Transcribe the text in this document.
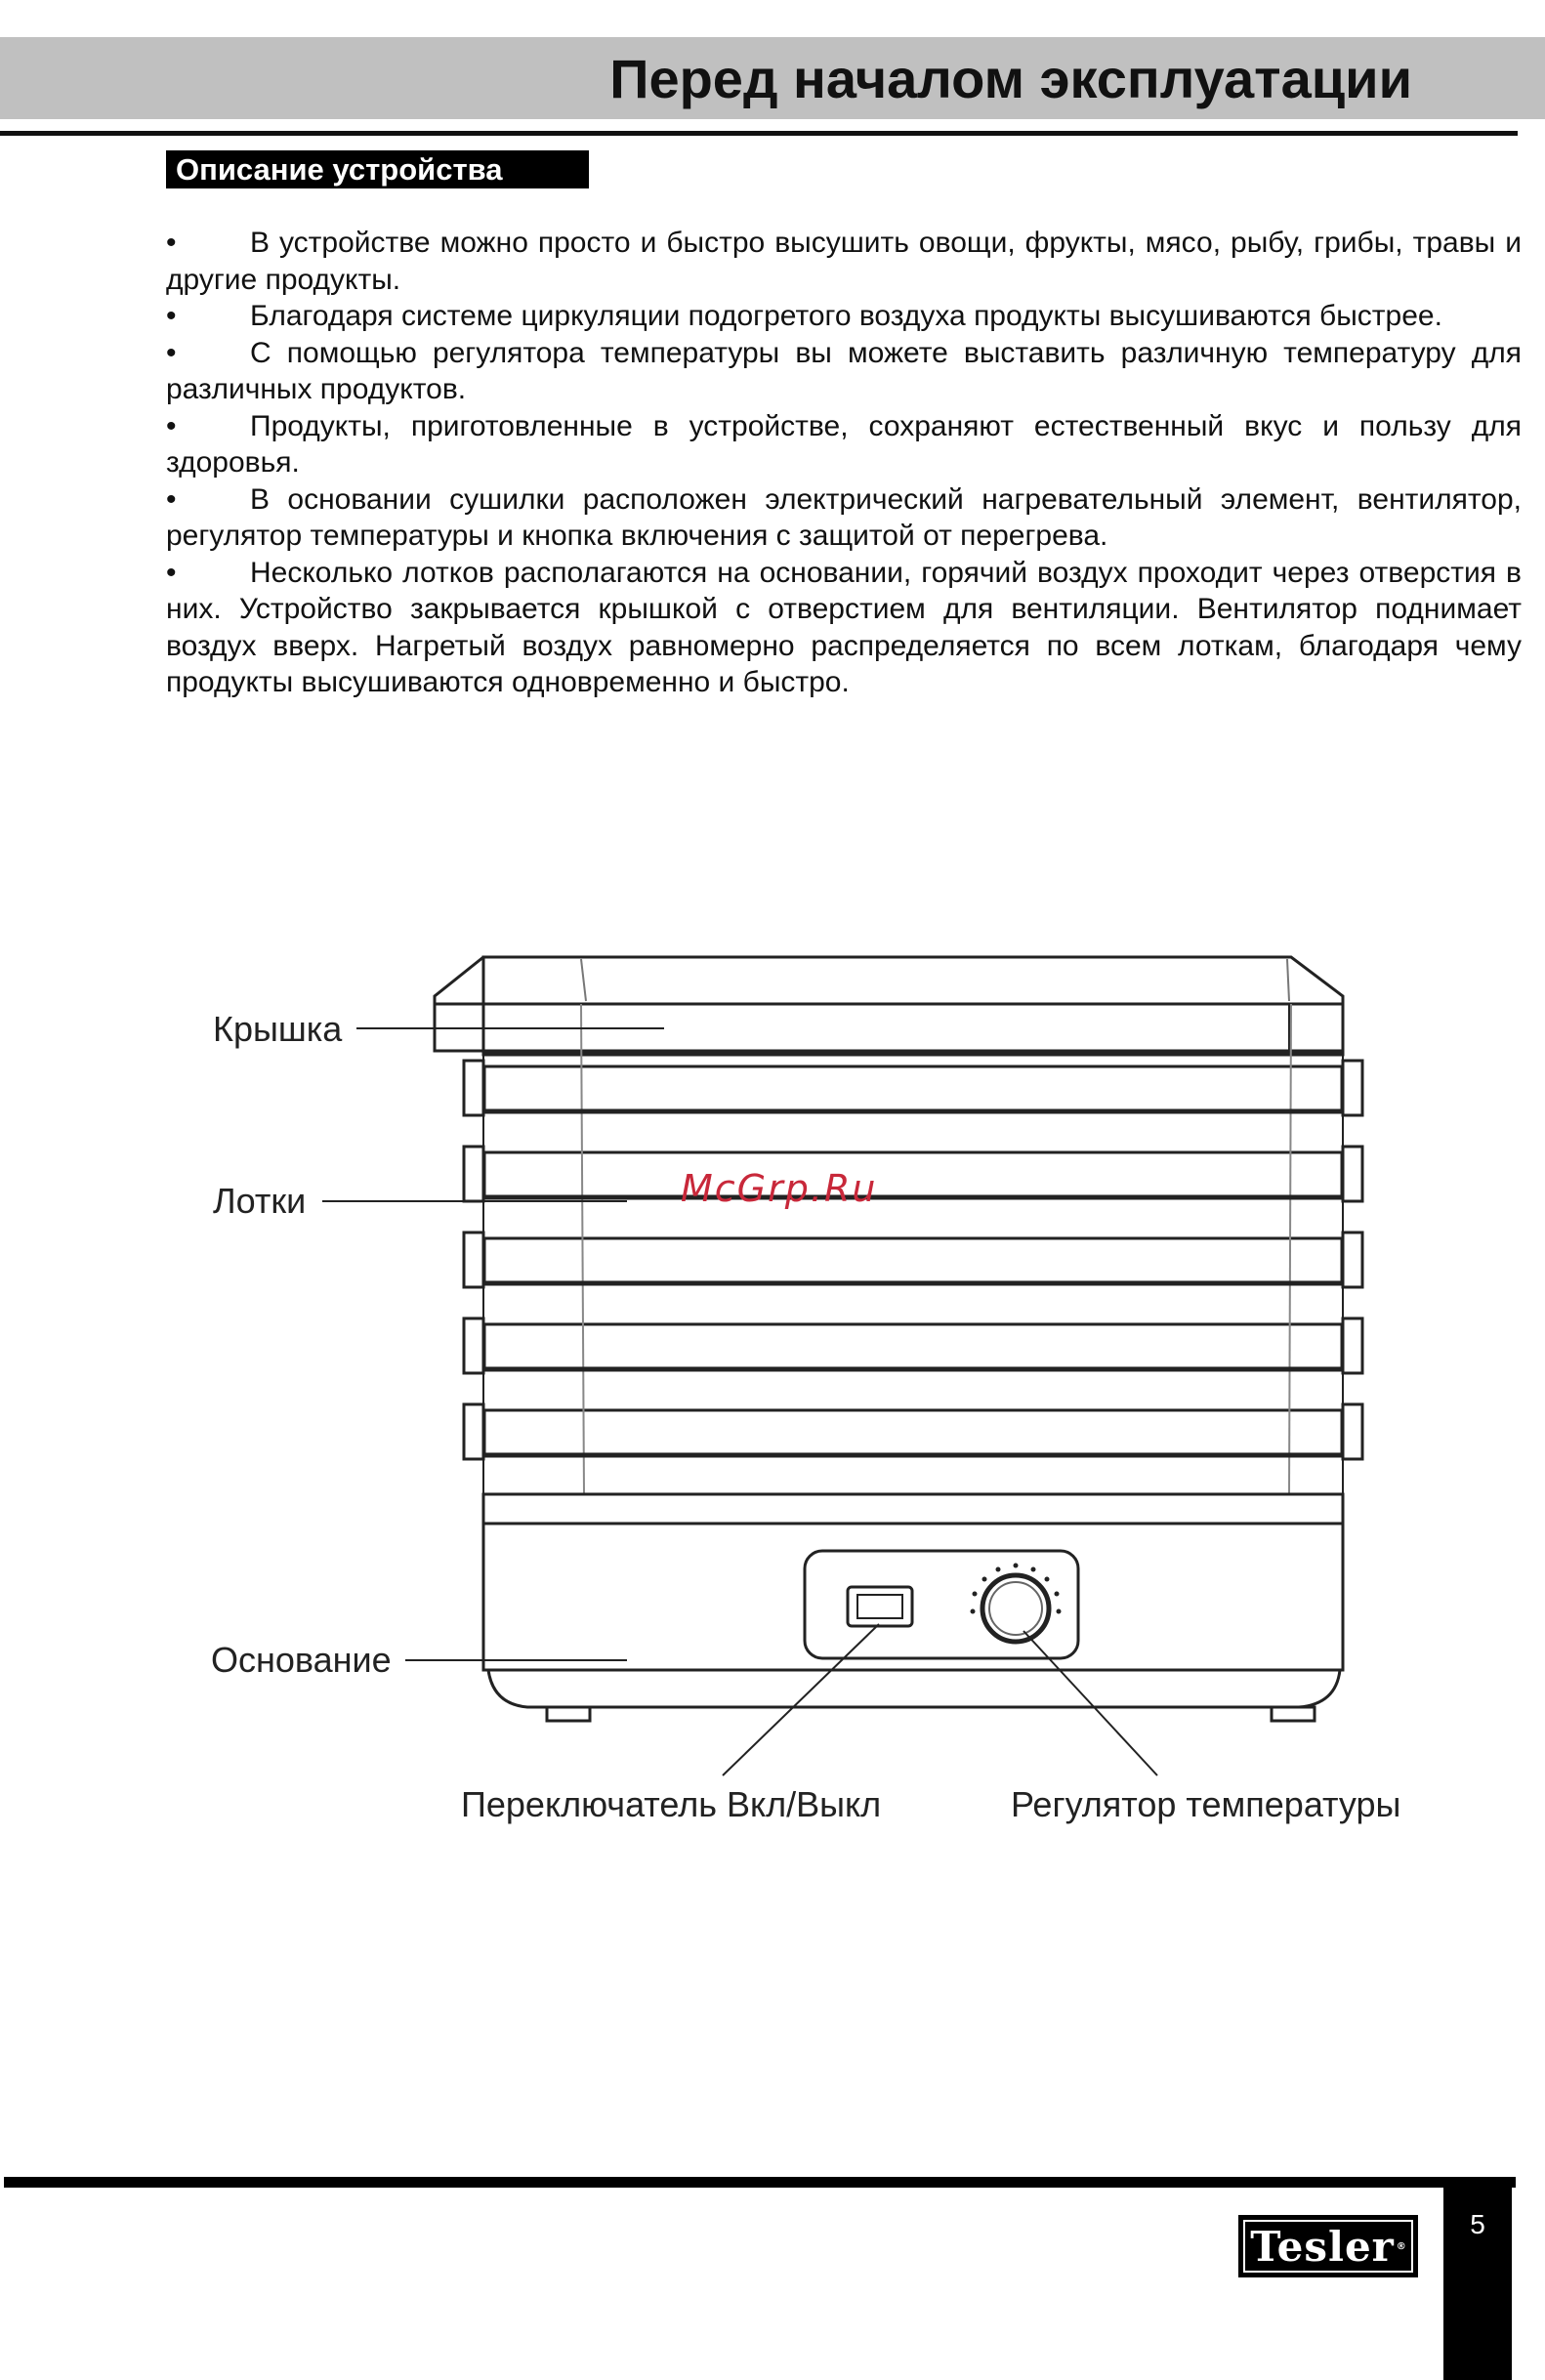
Перед началом эксплуатации
Описание устройства
•	В устройстве можно просто и быстро высушить овощи, фрукты, мясо, рыбу, грибы, травы и другие продукты.
•	Благодаря системе циркуляции подогретого воздуха продукты высушиваются быстрее.
•	С помощью регулятора температуры вы можете выставить различную температуру для различных продуктов.
•	Продукты, приготовленные в устройстве, сохраняют естественный вкус и пользу для здоровья.
•	В основании сушилки расположен электрический нагревательный элемент, вентилятор, регулятор температуры и кнопка включения с защитой от перегрева.
•	Несколько лотков располагаются на основании, горячий воздух проходит через отверстия в них. Устройство закрывается крышкой с отверстием для вентиляции. Вентилятор поднимает воздух вверх. Нагретый воздух равномерно распределяется по всем лоткам, благодаря чему продукты высушиваются одновременно и быстро.
Крышка
Лотки
Основание
Переключатель Вкл/Выкл	Регулятор температуры
McGrp.Ru
5
Tesler ®
